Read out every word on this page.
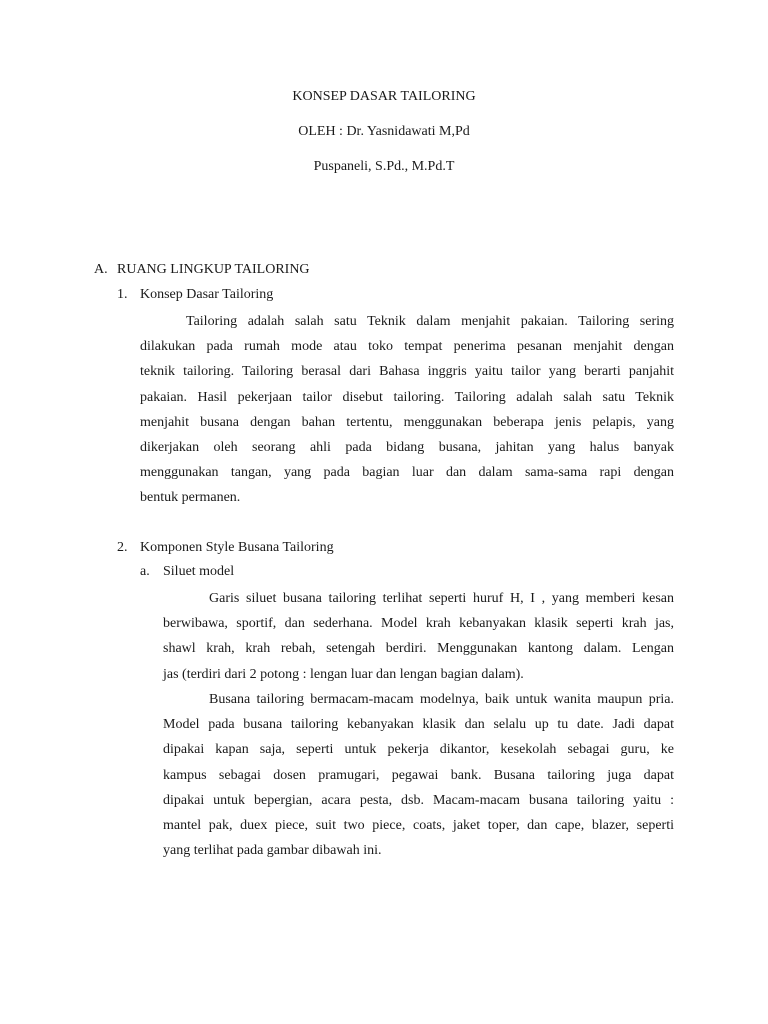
KONSEP DASAR TAILORING
OLEH : Dr. Yasnidawati M,Pd
Puspaneli, S.Pd., M.Pd.T
A. RUANG LINGKUP TAILORING
1. Konsep Dasar Tailoring
Tailoring adalah salah satu Teknik dalam menjahit pakaian. Tailoring sering
dilakukan pada rumah mode atau toko tempat penerima pesanan menjahit dengan
teknik tailoring. Tailoring berasal dari Bahasa inggris yaitu tailor yang berarti panjahit
pakaian. Hasil pekerjaan tailor disebut tailoring. Tailoring adalah salah satu Teknik
menjahit busana dengan bahan tertentu, menggunakan beberapa jenis pelapis, yang
dikerjakan oleh seorang ahli pada bidang busana, jahitan yang halus banyak
menggunakan tangan, yang pada bagian luar dan dalam sama-sama rapi dengan
bentuk permanen.
2. Komponen Style Busana Tailoring
a. Siluet model
Garis siluet busana tailoring terlihat seperti huruf H, I , yang memberi kesan
berwibawa, sportif, dan sederhana. Model krah kebanyakan klasik seperti krah jas,
shawl krah, krah rebah, setengah berdiri. Menggunakan kantong dalam. Lengan
jas (terdiri dari 2 potong : lengan luar dan lengan bagian dalam).
Busana tailoring bermacam-macam modelnya, baik untuk wanita maupun pria.
Model pada busana tailoring kebanyakan klasik dan selalu up tu date. Jadi dapat
dipakai kapan saja, seperti untuk pekerja dikantor, kesekolah sebagai guru, ke
kampus sebagai dosen pramugari, pegawai bank. Busana tailoring juga dapat
dipakai untuk bepergian, acara pesta, dsb. Macam-macam busana tailoring yaitu :
mantel pak, duex piece, suit two piece, coats, jaket toper, dan cape, blazer, seperti
yang terlihat pada gambar dibawah ini.
